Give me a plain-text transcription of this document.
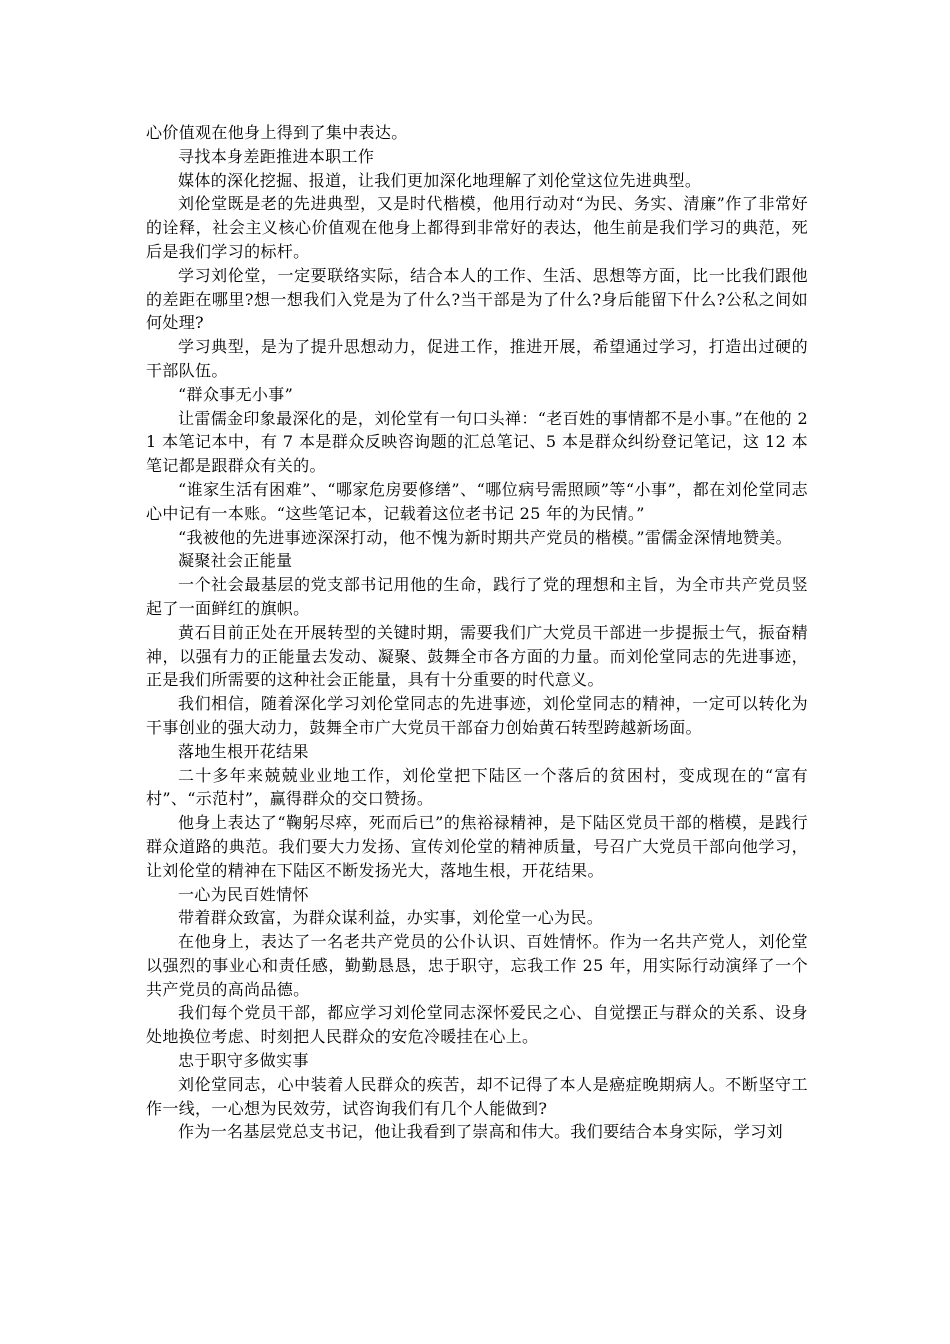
心价值观在他身上得到了集中表达。

寻找本身差距推进本职工作

媒体的深化挖掘、报道，让我们更加深化地理解了刘伦堂这位先进典型。

刘伦堂既是老的先进典型，又是时代楷模，他用行动对“为民、务实、清廉”作了非常好的诠释，社会主义核心价值观在他身上都得到非常好的表达，他生前是我们学习的典范，死后是我们学习的标杆。

学习刘伦堂，一定要联络实际，结合本人的工作、生活、思想等方面，比一比我们跟他的差距在哪里?想一想我们入党是为了什么?当干部是为了什么?身后能留下什么?公私之间如何处理?

学习典型，是为了提升思想动力，促进工作，推进开展，希望通过学习，打造出过硬的干部队伍。

“群众事无小事”

让雷儒金印象最深化的是，刘伦堂有一句口头禅：“老百姓的事情都不是小事。”在他的 21 本笔记本中，有 7 本是群众反映咨询题的汇总笔记、5 本是群众纠纷登记笔记，这 12 本笔记都是跟群众有关的。

“谁家生活有困难”、“哪家危房要修缮”、“哪位病号需照顾”等“小事”，都在刘伦堂同志心中记有一本账。“这些笔记本，记载着这位老书记 25 年的为民情。”

“我被他的先进事迹深深打动，他不愧为新时期共产党员的楷模。”雷儒金深情地赞美。

凝聚社会正能量

一个社会最基层的党支部书记用他的生命，践行了党的理想和主旨，为全市共产党员竖起了一面鲜红的旗帜。

黄石目前正处在开展转型的关键时期，需要我们广大党员干部进一步提振士气，振奋精神，以强有力的正能量去发动、凝聚、鼓舞全市各方面的力量。而刘伦堂同志的先进事迹，正是我们所需要的这种社会正能量，具有十分重要的时代意义。

我们相信，随着深化学习刘伦堂同志的先进事迹，刘伦堂同志的精神，一定可以转化为干事创业的强大动力，鼓舞全市广大党员干部奋力创始黄石转型跨越新场面。

落地生根开花结果

二十多年来兢兢业业地工作，刘伦堂把下陆区一个落后的贫困村，变成现在的“富有村”、“示范村”，赢得群众的交口赞扬。

他身上表达了“鞠躬尽瘁，死而后已”的焦裕禄精神，是下陆区党员干部的楷模，是践行群众道路的典范。我们要大力发扬、宣传刘伦堂的精神质量，号召广大党员干部向他学习，让刘伦堂的精神在下陆区不断发扬光大，落地生根，开花结果。

一心为民百姓情怀

带着群众致富，为群众谋利益，办实事，刘伦堂一心为民。

在他身上，表达了一名老共产党员的公仆认识、百姓情怀。作为一名共产党人，刘伦堂以强烈的事业心和责任感，勤勤恳恳，忠于职守，忘我工作 25 年，用实际行动演绎了一个共产党员的高尚品德。

我们每个党员干部，都应学习刘伦堂同志深怀爱民之心、自觉摆正与群众的关系、设身处地换位考虑、时刻把人民群众的安危冷暖挂在心上。

忠于职守多做实事

刘伦堂同志，心中装着人民群众的疾苦，却不记得了本人是癌症晚期病人。不断坚守工作一线，一心想为民效劳，试咨询我们有几个人能做到?

作为一名基层党总支书记，他让我看到了崇高和伟大。我们要结合本身实际，学习刘
